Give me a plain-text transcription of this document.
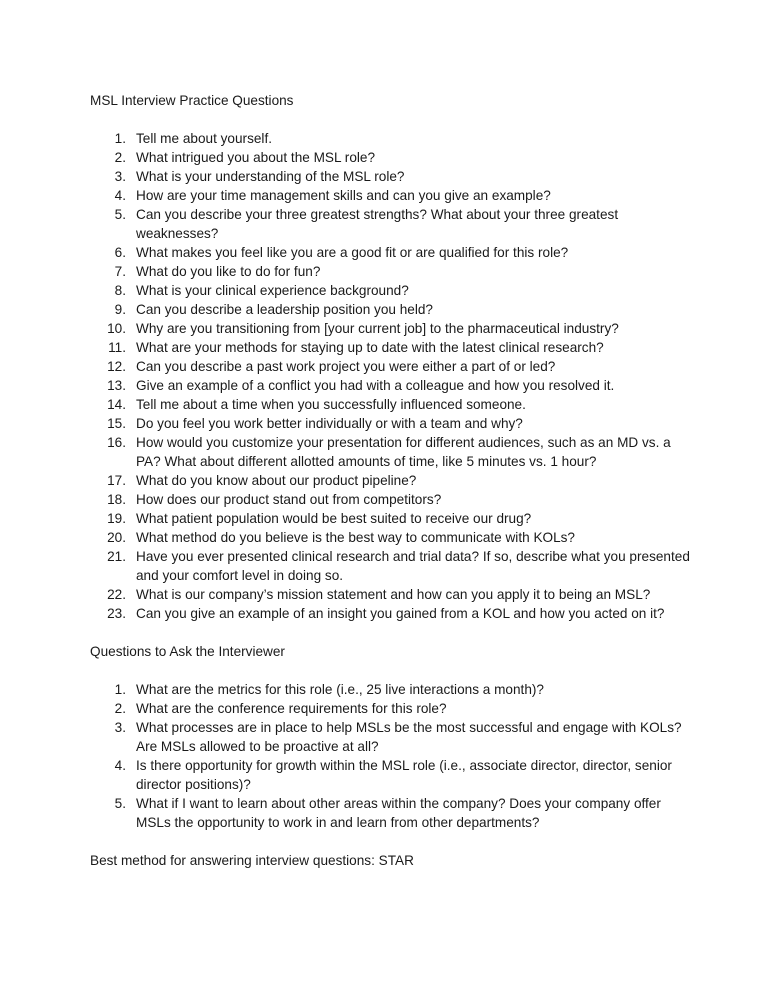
MSL Interview Practice Questions

1. Tell me about yourself.
2. What intrigued you about the MSL role?
3. What is your understanding of the MSL role?
4. How are your time management skills and can you give an example?
5. Can you describe your three greatest strengths? What about your three greatest weaknesses?
6. What makes you feel like you are a good fit or are qualified for this role?
7. What do you like to do for fun?
8. What is your clinical experience background?
9. Can you describe a leadership position you held?
10. Why are you transitioning from [your current job] to the pharmaceutical industry?
11. What are your methods for staying up to date with the latest clinical research?
12. Can you describe a past work project you were either a part of or led?
13. Give an example of a conflict you had with a colleague and how you resolved it.
14. Tell me about a time when you successfully influenced someone.
15. Do you feel you work better individually or with a team and why?
16. How would you customize your presentation for different audiences, such as an MD vs. a PA? What about different allotted amounts of time, like 5 minutes vs. 1 hour?
17. What do you know about our product pipeline?
18. How does our product stand out from competitors?
19. What patient population would be best suited to receive our drug?
20. What method do you believe is the best way to communicate with KOLs?
21. Have you ever presented clinical research and trial data? If so, describe what you presented and your comfort level in doing so.
22. What is our company’s mission statement and how can you apply it to being an MSL?
23. Can you give an example of an insight you gained from a KOL and how you acted on it?

Questions to Ask the Interviewer

1. What are the metrics for this role (i.e., 25 live interactions a month)?
2. What are the conference requirements for this role?
3. What processes are in place to help MSLs be the most successful and engage with KOLs? Are MSLs allowed to be proactive at all?
4. Is there opportunity for growth within the MSL role (i.e., associate director, director, senior director positions)?
5. What if I want to learn about other areas within the company? Does your company offer MSLs the opportunity to work in and learn from other departments?

Best method for answering interview questions: STAR
